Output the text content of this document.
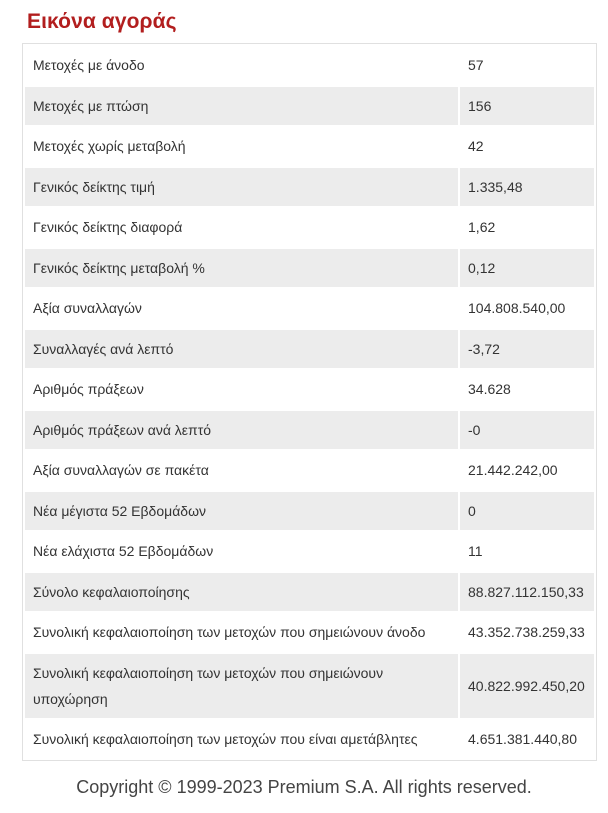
Εικόνα αγοράς
Μετοχές με άνοδο	57
Μετοχές με πτώση	156
Μετοχές χωρίς μεταβολή	42
Γενικός δείκτης τιμή	1.335,48
Γενικός δείκτης διαφορά	1,62
Γενικός δείκτης μεταβολή %	0,12
Αξία συναλλαγών	104.808.540,00
Συναλλαγές ανά λεπτό	-3,72
Αριθμός πράξεων	34.628
Αριθμός πράξεων ανά λεπτό	-0
Αξία συναλλαγών σε πακέτα	21.442.242,00
Νέα μέγιστα 52 Εβδομάδων	0
Νέα ελάχιστα 52 Εβδομάδων	11
Σύνολο κεφαλαιοποίησης	88.827.112.150,33
Συνολική κεφαλαιοποίηση των μετοχών που σημειώνουν άνοδο	43.352.738.259,33
Συνολική κεφαλαιοποίηση των μετοχών που σημειώνουν υποχώρηση	40.822.992.450,20
Συνολική κεφαλαιοποίηση των μετοχών που είναι αμετάβλητες	4.651.381.440,80
Copyright © 1999-2023 Premium S.A. All rights reserved.
